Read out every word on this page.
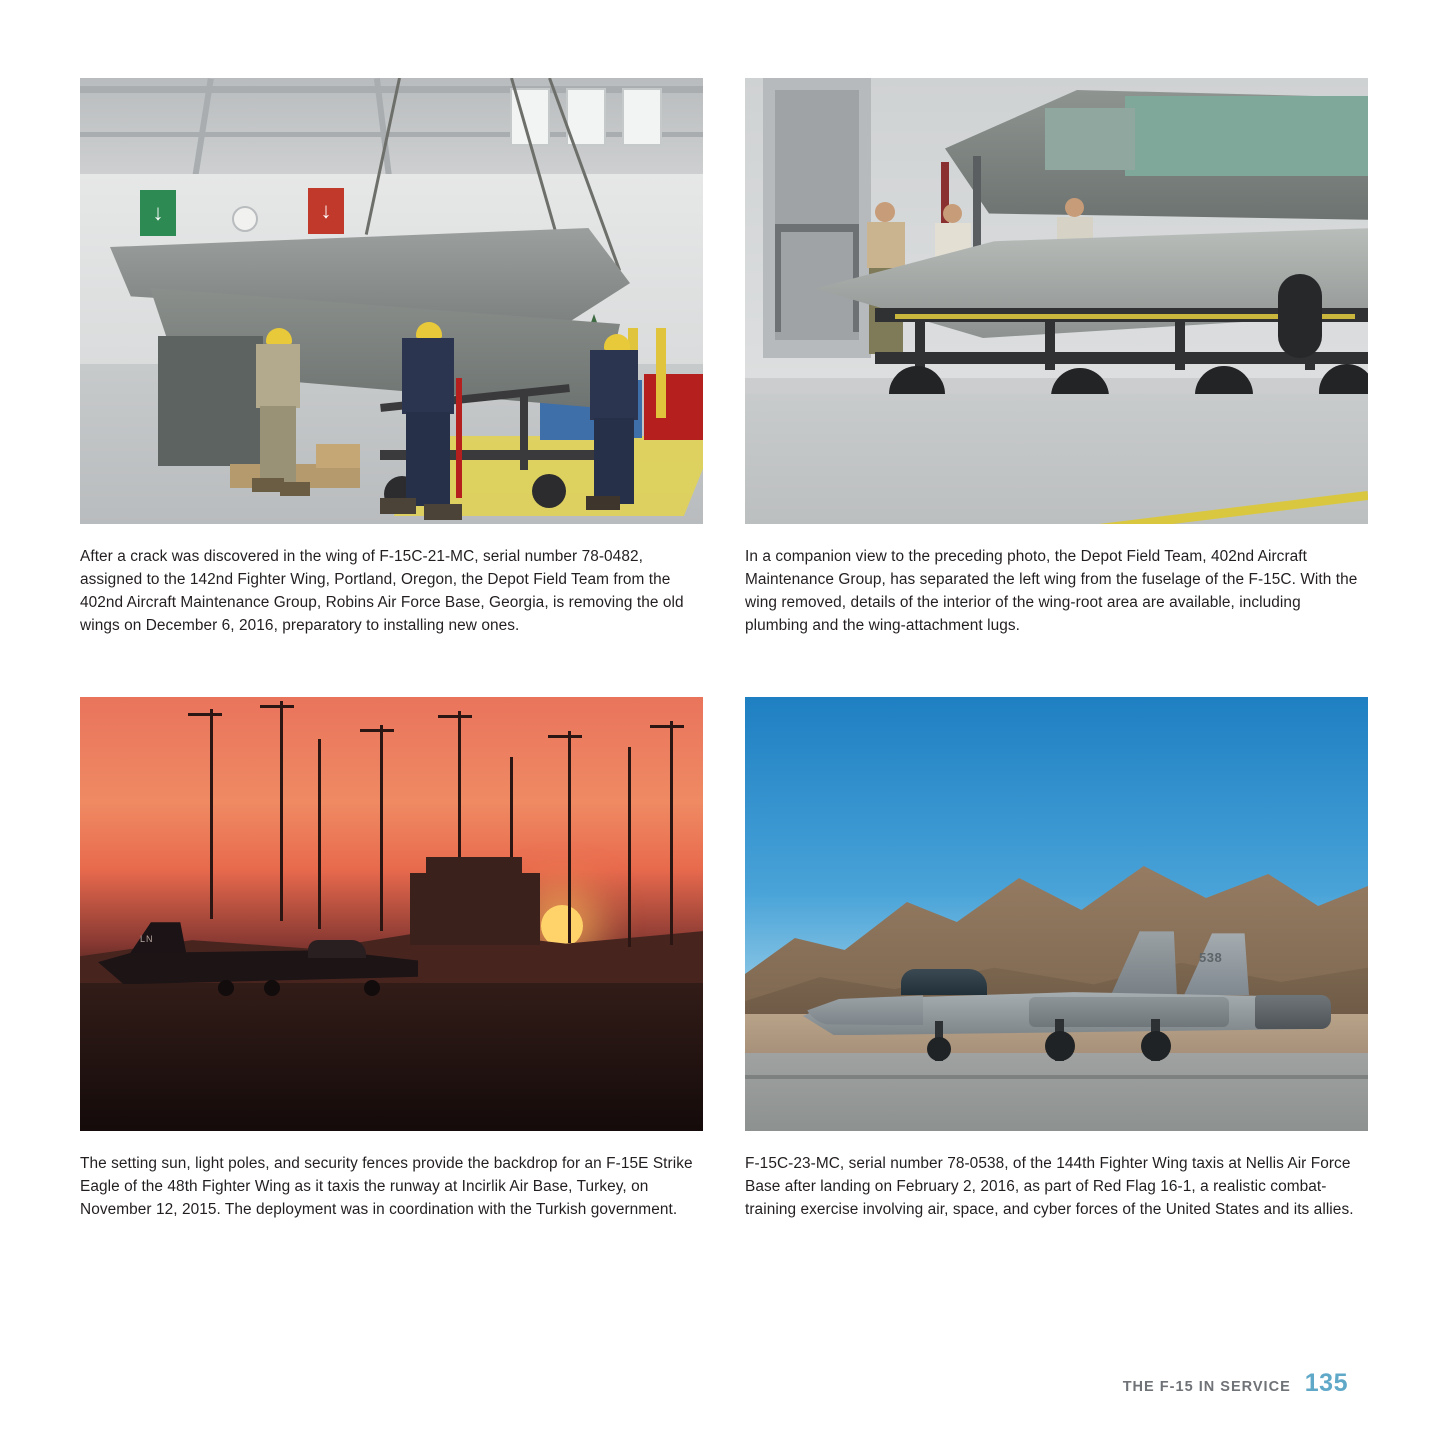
↓	↓
After a crack was discovered in the wing of F-15C-21-MC, serial number 78-0482, assigned to the 142nd Fighter Wing, Portland, Oregon, the Depot Field Team from the 402nd Aircraft Maintenance Group, Robins Air Force Base, Georgia, is removing the old wings on December 6, 2016, preparatory to installing new ones.
In a companion view to the preceding photo, the Depot Field Team, 402nd Aircraft Maintenance Group, has separated the left wing from the fuselage of the F-15C. With the wing removed, details of the interior of the wing-root area are available, including plumbing and the wing-attachment lugs.
LN
The setting sun, light poles, and security fences provide the backdrop for an F-15E Strike Eagle of the 48th Fighter Wing as it taxis the runway at Incirlik Air Base, Turkey, on November 12, 2015. The deployment was in coordination with the Turkish government.
538
F-15C-23-MC, serial number 78-0538, of the 144th Fighter Wing taxis at Nellis Air Force Base after landing on February 2, 2016, as part of Red Flag 16-1, a realistic combat-training exercise involving air, space, and cyber forces of the United States and its allies.
THE F-15 IN SERVICE 135
